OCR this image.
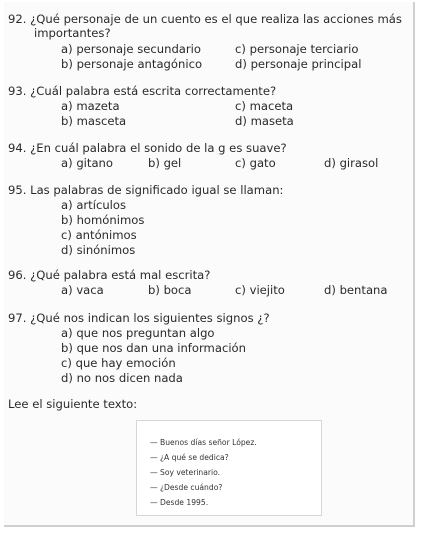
92. ¿Qué personaje de un cuento es el que realiza las acciones más
importantes?
a) personaje secundario	c) personaje terciario
b) personaje antagónico	d) personaje principal
93. ¿Cuál palabra está escrita correctamente?
a) mazeta	c) maceta
b) masceta	d) maseta
94. ¿En cuál palabra el sonido de la g es suave?
a) gitano	b) gel	c) gato	d) girasol
95. Las palabras de significado igual se llaman:
a) artículos
b) homónimos
c) antónimos
d) sinónimos
96. ¿Qué palabra está mal escrita?
a) vaca	b) boca	c) viejito	d) bentana
97. ¿Qué nos indican los siguientes signos ¿?
a) que nos preguntan algo
b) que nos dan una información
c) que hay emoción
d) no nos dicen nada
Lee el siguiente texto:
— Buenos días señor López.
— ¿A qué se dedica?
— Soy veterinario.
— ¿Desde cuándo?
— Desde 1995.
